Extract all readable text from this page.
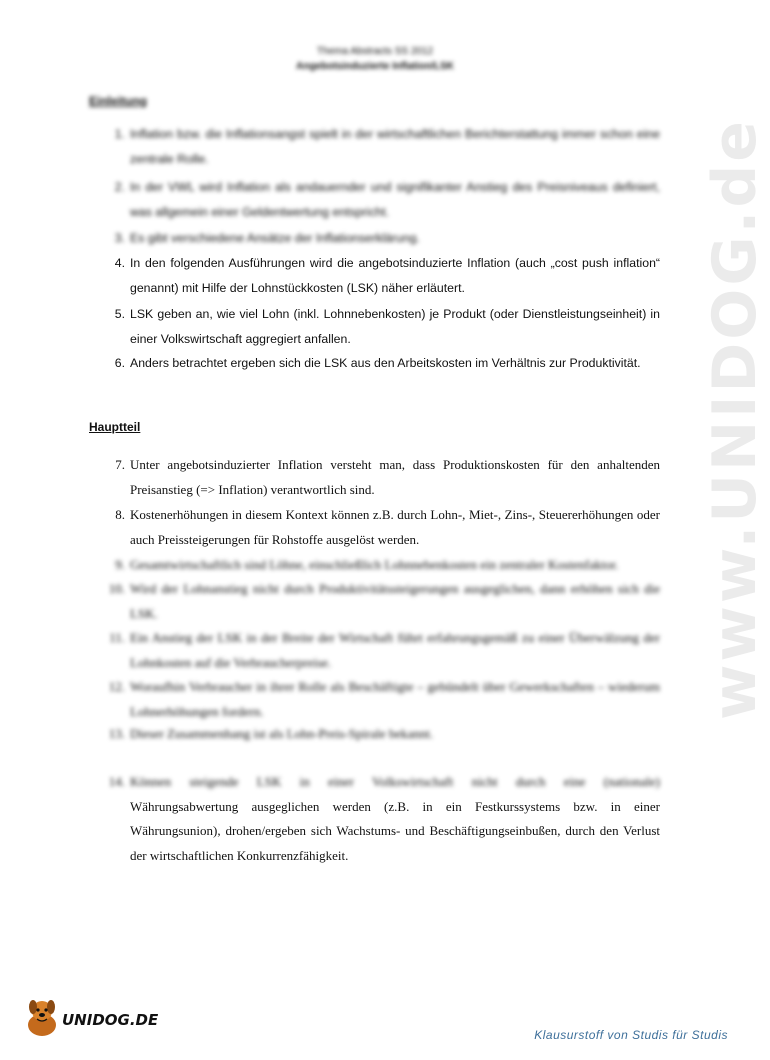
www.UNIDOG.de
Thema Abstracts SS 2012
Angebotsinduzierte Inflation/LSK
Einleitung
1. Inflation bzw. die Inflationsangst spielt in der wirtschaftlichen Berichterstattung immer schon eine zentrale Rolle.
2. In der VWL wird Inflation als andauernder und signifikanter Anstieg des Preisniveaus definiert, was allgemein einer Geldentwertung entspricht.
3. Es gibt verschiedene Ansätze der Inflationserklärung.
4. In den folgenden Ausführungen wird die angebotsinduzierte Inflation (auch „cost push inflation“ genannt) mit Hilfe der Lohnstückkosten (LSK) näher erläutert.
5. LSK geben an, wie viel Lohn (inkl. Lohnnebenkosten) je Produkt (oder Dienstleistungseinheit) in einer Volkswirtschaft aggregiert anfallen.
6. Anders betrachtet ergeben sich die LSK aus den Arbeitskosten im Verhältnis zur Produktivität.
Hauptteil
7. Unter angebotsinduzierter Inflation versteht man, dass Produktionskosten für den anhaltenden Preisanstieg (=> Inflation) verantwortlich sind.
8. Kostenerhöhungen in diesem Kontext können z.B. durch Lohn-, Miet-, Zins-, Steuererhöhungen oder auch Preissteigerungen für Rohstoffe ausgelöst werden.
9. Gesamtwirtschaftlich sind Löhne, einschließlich Lohnnebenkosten ein zentraler Kostenfaktor.
10. Wird der Lohnanstieg nicht durch Produktivitätssteigerungen ausgeglichen, dann erhöhen sich die LSK.
11. Ein Anstieg der LSK in der Breite der Wirtschaft führt erfahrungsgemäß zu einer Überwälzung der Lohnkosten auf die Verbraucherpreise.
12. Woraufhin Verbraucher in ihrer Rolle als Beschäftigte – gebündelt über Gewerkschaften – wiederum Lohnerhöhungen fordern.
13. Dieser Zusammenhang ist als Lohn-Preis-Spirale bekannt.
14. Können steigende LSK in einer Volkswirtschaft nicht durch eine (nationale)
Währungsabwertung ausgeglichen werden (z.B. in ein Festkurssystems bzw. in einer Währungsunion), drohen/ergeben sich Wachstums- und Beschäftigungseinbußen, durch den Verlust der wirtschaftlichen Konkurrenzfähigkeit.
UNIDOG.DE
Klausurstoff von Studis für Studis
